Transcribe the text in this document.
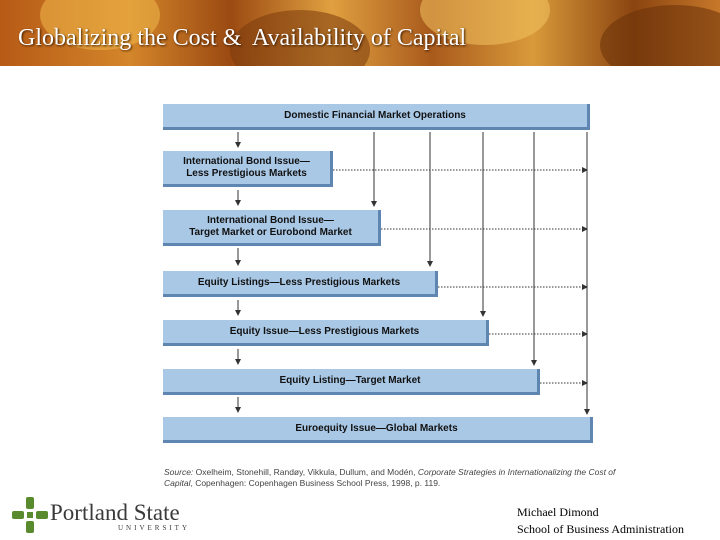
Globalizing the Cost &  Availability of Capital
Domestic Financial Market Operations
International Bond Issue—
Less Prestigious Markets
International Bond Issue—
Target Market or Eurobond Market
Equity Listings—Less Prestigious Markets
Equity Issue—Less Prestigious Markets
Equity Listing—Target Market
Euroequity Issue—Global Markets
Source: Oxelheim, Stonehill, Randøy, Vikkula, Dullum, and Modén, Corporate Strategies in Internationalizing the Cost of Capital, Copenhagen: Copenhagen Business School Press, 1998, p. 119.
Portland State
UNIVERSITY
Michael Dimond
School of Business Administration
